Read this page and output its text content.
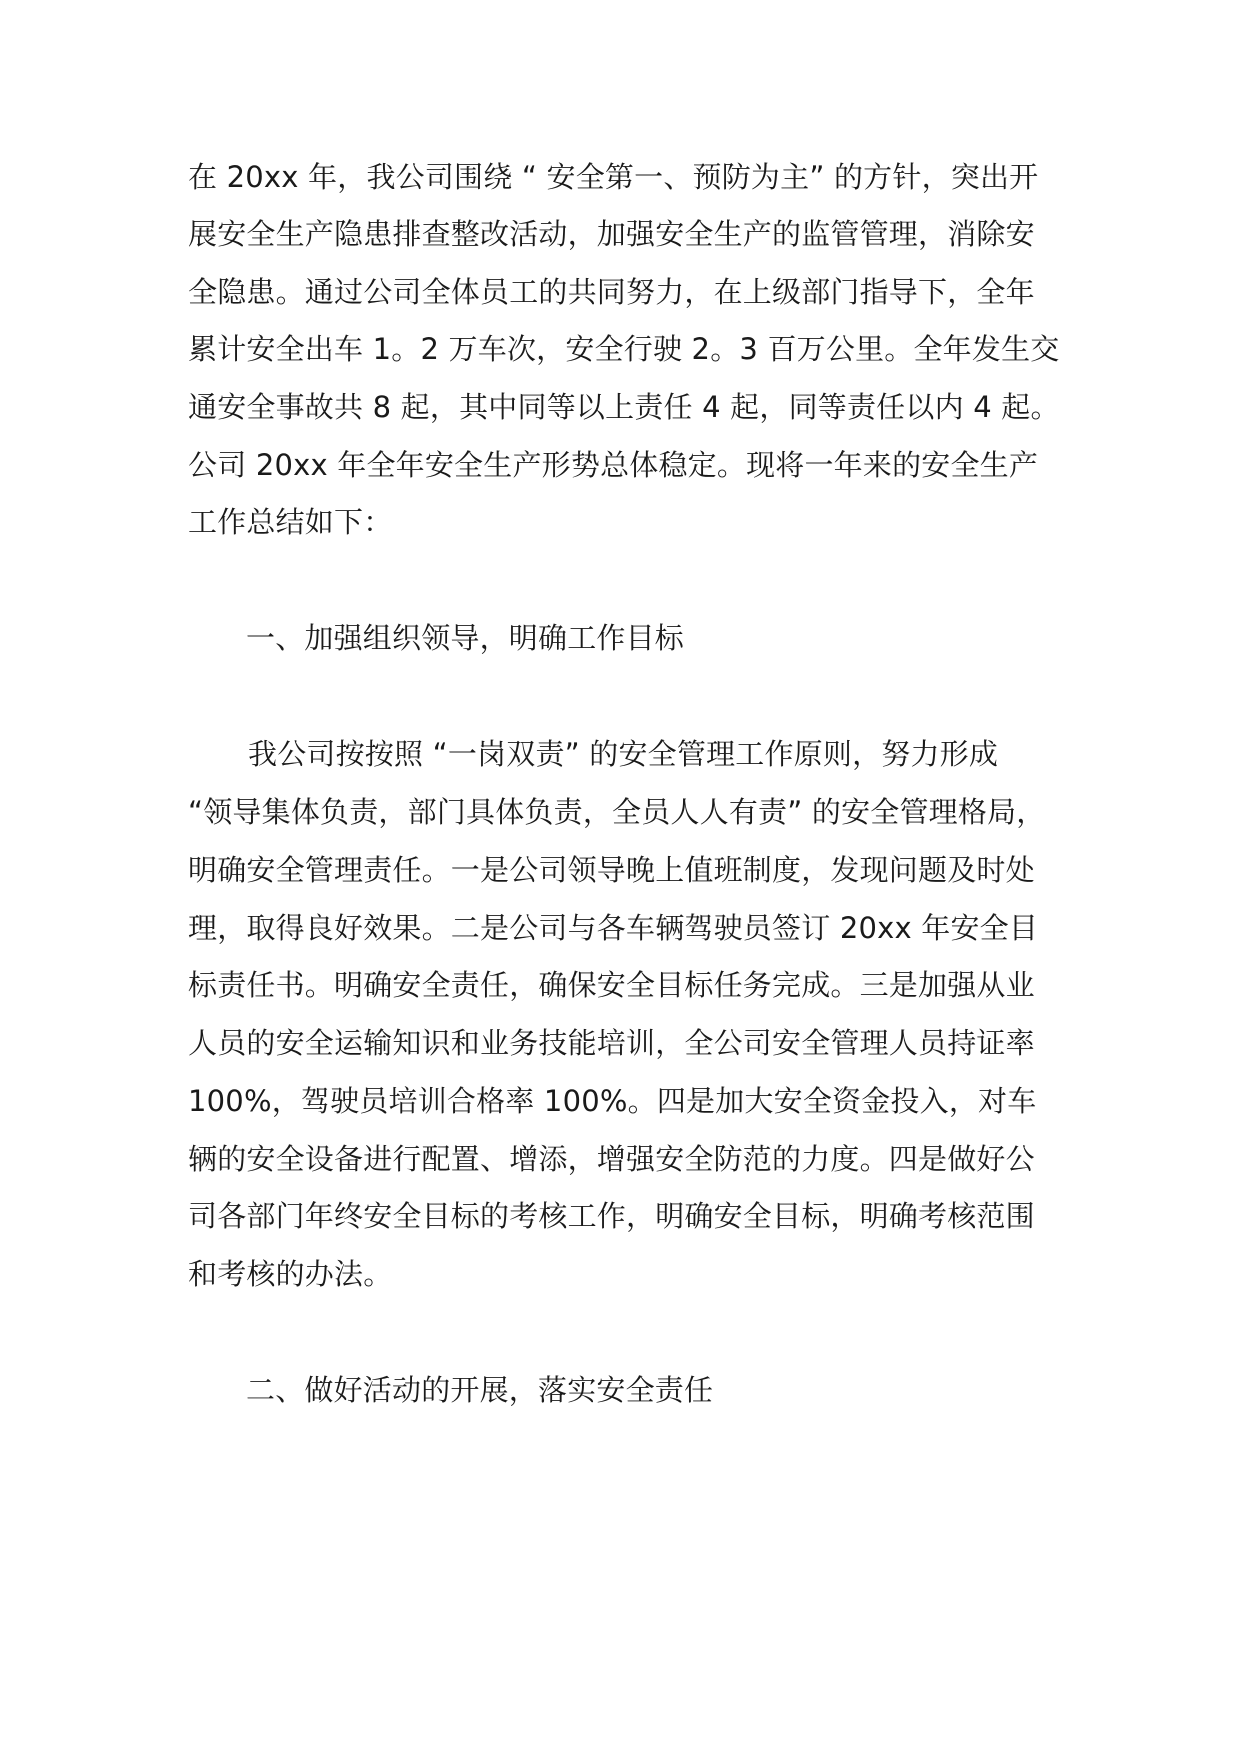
在 20xx 年，我公司围绕 “ 安全第一、预防为主” 的方针，突出开
展安全生产隐患排查整改活动，加强安全生产的监管管理，消除安
全隐患。通过公司全体员工的共同努力，在上级部门指导下，全年
累计安全出车 1。2 万车次，安全行驶 2。3 百万公里。全年发生交
通安全事故共 8 起，其中同等以上责任 4 起，同等责任以内 4 起。
公司 20xx 年全年安全生产形势总体稳定。现将一年来的安全生产
工作总结如下：
一、加强组织领导，明确工作目标
我公司按按照 “一岗双责” 的安全管理工作原则，努力形成
“领导集体负责，部门具体负责，全员人人有责” 的安全管理格局，
明确安全管理责任。一是公司领导晚上值班制度，发现问题及时处
理，取得良好效果。二是公司与各车辆驾驶员签订 20xx 年安全目
标责任书。明确安全责任，确保安全目标任务完成。三是加强从业
人员的安全运输知识和业务技能培训，全公司安全管理人员持证率
100%，驾驶员培训合格率 100%。四是加大安全资金投入，对车
辆的安全设备进行配置、增添，增强安全防范的力度。四是做好公
司各部门年终安全目标的考核工作，明确安全目标，明确考核范围
和考核的办法。
二、做好活动的开展，落实安全责任
